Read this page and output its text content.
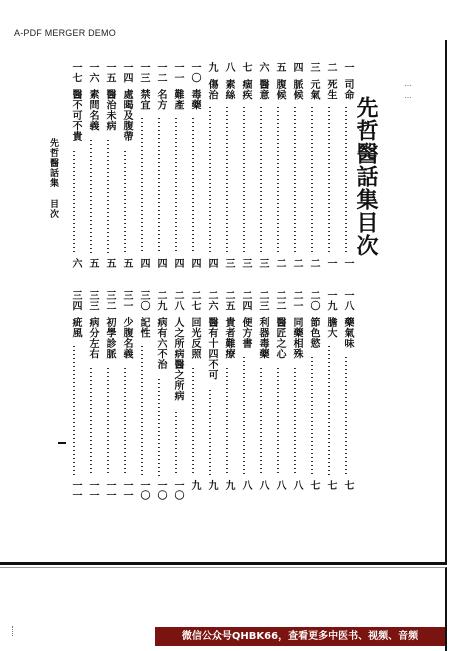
A-PDF MERGER DEMO
……
先哲醫話集目次
先哲醫話集 目次
一司命
一
二死生
一
三元氣
二
四脈候
二
五腹候
二
六醫意
三
七痼疾
三
八素絲
三
九傷治
四
一〇毒藥
四
一一難產
四
一二名方
四
一三禁宜
四
一四處暍及腹帶
五
一五醫治未病
五
一六素問名義
五
一七醫不可不貴
六
一八藥氣味
七
一九膽大
七
二〇節色慾
七
二一同藥相殊
八
二二醫匠之心
八
二三利器毒藥
八
二四便方書
八
二五貴者難療
九
二六醫有十四不可
九
二七回光反照
九
二八人之所病醫之所病
一〇
二九病有六不治
一〇
三〇記性
一〇
三一少腹名義
一一
三二初學診脈
一一
三三病分左右
一一
三四疵風
一一
微信公众号QHBK66，查看更多中医书、视频、音频
